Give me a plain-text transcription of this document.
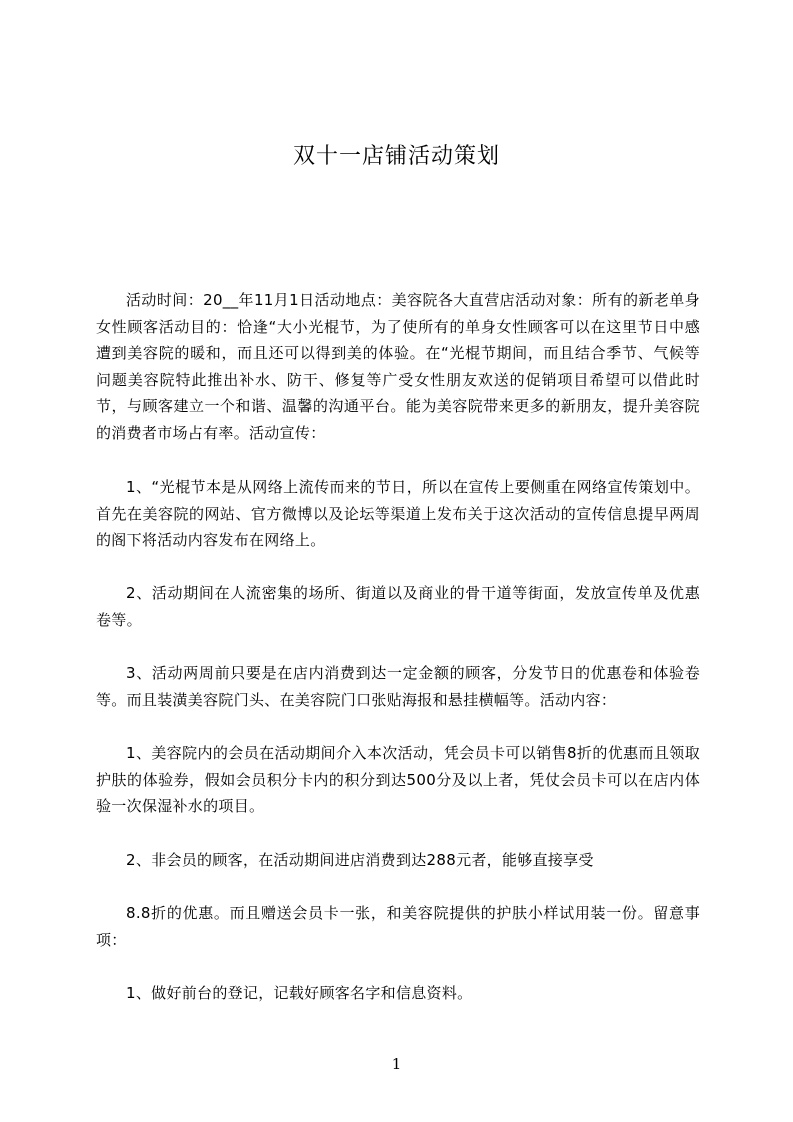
双十一店铺活动策划

活动时间：20__年11月1日活动地点：美容院各大直营店活动对象：所有的新老单身女性顾客活动目的：恰逢“大小光棍节，为了使所有的单身女性顾客可以在这里节日中感遭到美容院的暖和，而且还可以得到美的体验。在“光棍节期间，而且结合季节、气候等问题美容院特此推出补水、防干、修复等广受女性朋友欢送的促销项目希望可以借此时节，与顾客建立一个和谐、温馨的沟通平台。能为美容院带来更多的新朋友，提升美容院的消费者市场占有率。活动宣传：

1、“光棍节本是从网络上流传而来的节日，所以在宣传上要侧重在网络宣传策划中。首先在美容院的网站、官方微博以及论坛等渠道上发布关于这次活动的宣传信息提早两周的阁下将活动内容发布在网络上。

2、活动期间在人流密集的场所、街道以及商业的骨干道等街面，发放宣传单及优惠卷等。

3、活动两周前只要是在店内消费到达一定金额的顾客，分发节日的优惠卷和体验卷等。而且装潢美容院门头、在美容院门口张贴海报和悬挂横幅等。活动内容：

1、美容院内的会员在活动期间介入本次活动，凭会员卡可以销售8折的优惠而且领取护肤的体验券，假如会员积分卡内的积分到达500分及以上者，凭仗会员卡可以在店内体验一次保湿补水的项目。

2、非会员的顾客，在活动期间进店消费到达288元者，能够直接享受

8.8折的优惠。而且赠送会员卡一张，和美容院提供的护肤小样试用装一份。留意事项：

1、做好前台的登记，记载好顾客名字和信息资料。

1
